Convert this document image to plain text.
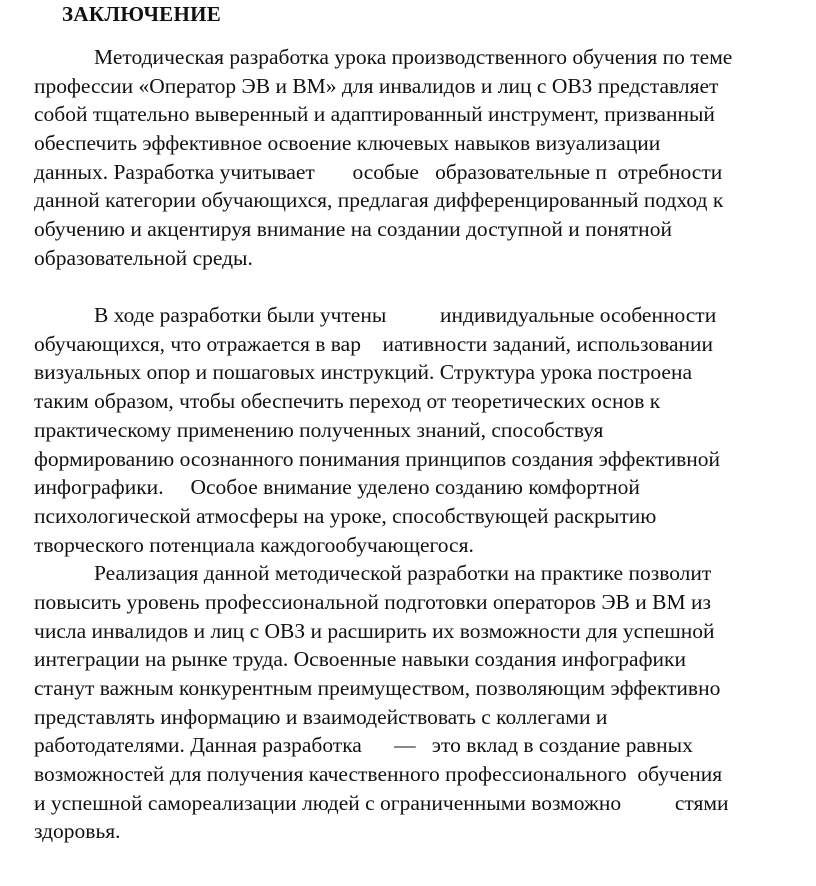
ЗАКЛЮЧЕНИЕ
Методическая разработка урока производственного обучения по теме
профессии «Оператор ЭВ и ВМ» для инвалидов и лиц с ОВЗ представляет
собой тщательно выверенный и адаптированный инструмент, призванный
обеспечить эффективное освоение ключевых навыков визуализации
данных. Разработка учитывает       особые   образовательные п  отребности
данной категории обучающихся, предлагая дифференцированный подход к
обучению и акцентируя внимание на создании доступной и понятной
образовательной среды.
В ходе разработки были учтены          индивидуальные особенности
обучающихся, что отражается в вар    иативности заданий, использовании
визуальных опор и пошаговых инструкций. Структура урока построена
таким образом, чтобы обеспечить переход от теоретических основ к
практическому применению полученных знаний, способствуя
формированию осознанного понимания принципов создания эффективной
инфографики.     Особое внимание уделено созданию комфортной
психологической атмосферы на уроке, способствующей раскрытию
творческого потенциала каждогообучающегося.
Реализация данной методической разработки на практике позволит
повысить уровень профессиональной подготовки операторов ЭВ и ВМ из
числа инвалидов и лиц с ОВЗ и расширить их возможности для успешной
интеграции на рынке труда. Освоенные навыки создания инфографики
станут важным конкурентным преимуществом, позволяющим эффективно
представлять информацию и взаимодействовать с коллегами и
работодателями. Данная разработка      —   это вклад в создание равных
возможностей для получения качественного профессионального  обучения
и успешной самореализации людей с ограниченными возможно          стями
здоровья.
